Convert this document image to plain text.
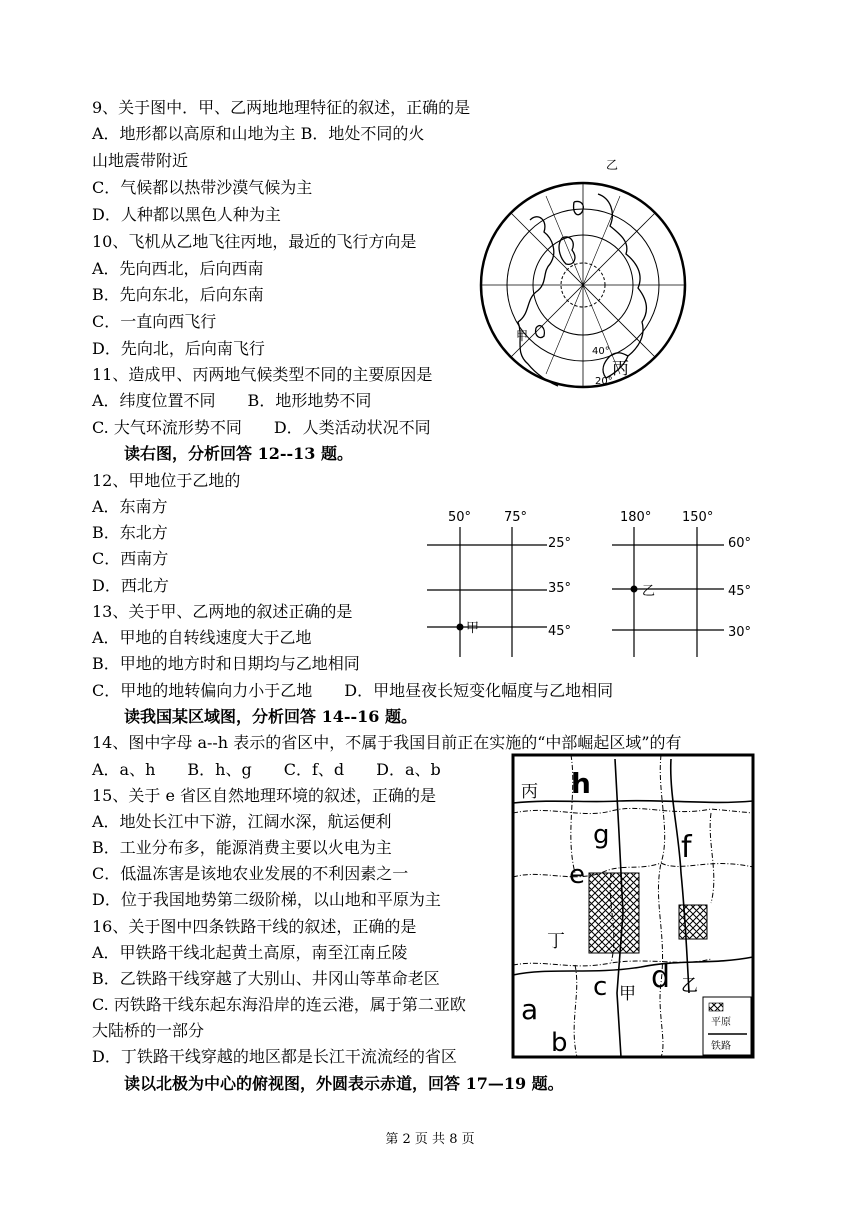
9、关于图中．甲、乙两地地理特征的叙述，正确的是
A．地形都以高原和山地为主 B．地处不同的火
山地震带附近
C．气候都以热带沙漠气候为主
D．人种都以黑色人种为主
10、飞机从乙地飞往丙地，最近的飞行方向是
A．先向西北，后向西南
B．先向东北，后向东南
C．一直向西飞行
D．先向北，后向南飞行
11、造成甲、丙两地气候类型不同的主要原因是
A．纬度位置不同　　B．地形地势不同
C. 大气环流形势不同　　D．人类活动状况不同
读右图，分析回答 12--13 题。
12、甲地位于乙地的
A．东南方
B．东北方
C．西南方
D．西北方
13、关于甲、乙两地的叙述正确的是
A．甲地的自转线速度大于乙地
B．甲地的地方时和日期均与乙地相同
C．甲地的地转偏向力小于乙地　　D．甲地昼夜长短变化幅度与乙地相同
读我国某区域图，分析回答 14--16 题。
14、图中字母 a--h 表示的省区中，不属于我国目前正在实施的“中部崛起区域”的有
A．a、h　　B．h、g　　C．f、d　　D．a、b
15、关于 e 省区自然地理环境的叙述，正确的是
A．地处长江中下游，江阔水深，航运便利
B．工业分布多，能源消费主要以火电为主
C．低温冻害是该地农业发展的不利因素之一
D．位于我国地势第二级阶梯，以山地和平原为主
16、关于图中四条铁路干线的叙述，正确的是
A．甲铁路干线北起黄土高原，南至江南丘陵
B．乙铁路干线穿越了大别山、井冈山等革命老区
C. 丙铁路干线东起东海沿岸的连云港，属于第二亚欧
大陆桥的一部分
D．丁铁路干线穿越的地区都是长江干流流经的省区
读以北极为中心的俯视图，外圆表示赤道，回答 17—19 题。
乙
甲
丙
40°
20°
50°	75°
25°
35°
45°
甲
180° 150°
60°
45°
30°
乙
h
丙
g f
e
丁
d
c 甲	乙
a
b
平原
铁路
第 2 页 共 8 页
